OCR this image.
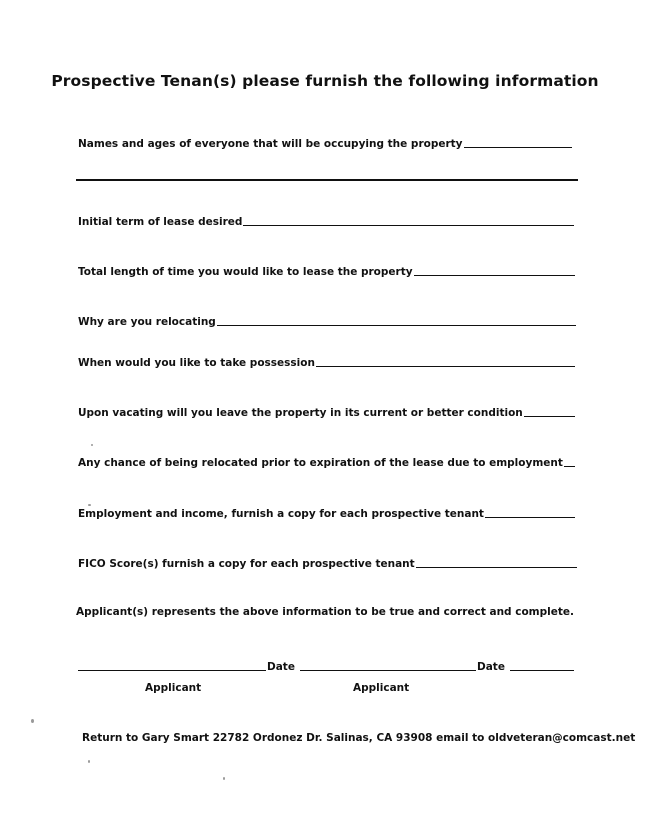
Prospective Tenan(s) please furnish the following information
Names and ages of everyone that will be occupying the property
Initial term of lease desired
Total length of time you would like to lease the property
Why are you relocating
When would you like to take possession
Upon vacating will you leave the property in its current or better condition
Any chance of being relocated prior to expiration of the lease due to employment
Employment and income, furnish a copy for each prospective tenant
FICO Score(s) furnish a copy for each prospective tenant
Applicant(s) represents the above information to be true and correct and complete.
Date	Date
Applicant	Applicant
Return to Gary Smart 22782 Ordonez Dr. Salinas, CA 93908 email to oldveteran@comcast.net
